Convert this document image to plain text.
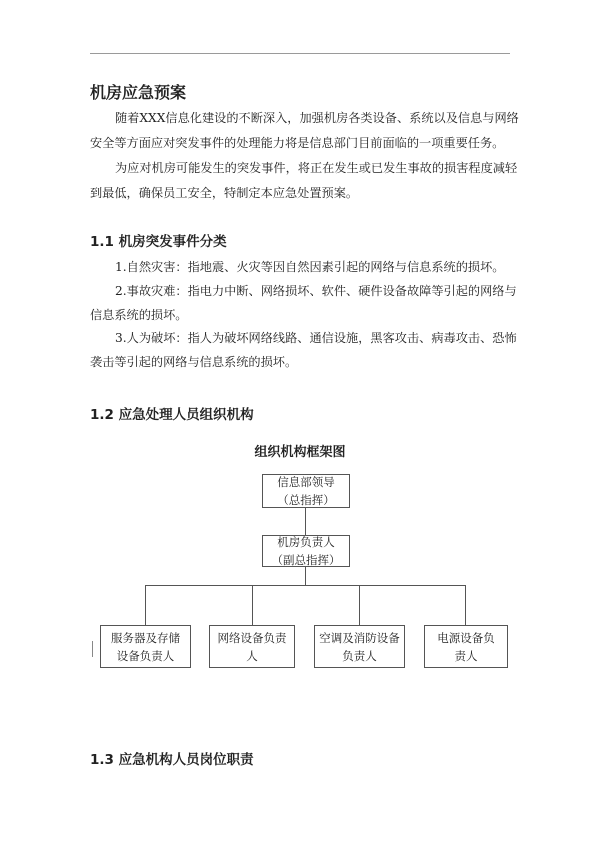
机房应急预案
随着XXX信息化建设的不断深入，加强机房各类设备、系统以及信息与网络安全等方面应对突发事件的处理能力将是信息部门目前面临的一项重要任务。
为应对机房可能发生的突发事件，将正在发生或已发生事故的损害程度减轻到最低，确保员工安全，特制定本应急处置预案。
1.1 机房突发事件分类
1.自然灾害：指地震、火灾等因自然因素引起的网络与信息系统的损坏。
2.事故灾难：指电力中断、网络损坏、软件、硬件设备故障等引起的网络与信息系统的损坏。
3.人为破坏：指人为破坏网络线路、通信设施，黑客攻击、病毒攻击、恐怖袭击等引起的网络与信息系统的损坏。
1.2 应急处理人员组织机构
组织机构框架图
信息部领导
（总指挥）
机房负责人
（副总指挥）
服务器及存储
设备负责人
网络设备负责
人
空调及消防设备
负责人
电源设备负
责人
1.3 应急机构人员岗位职责
